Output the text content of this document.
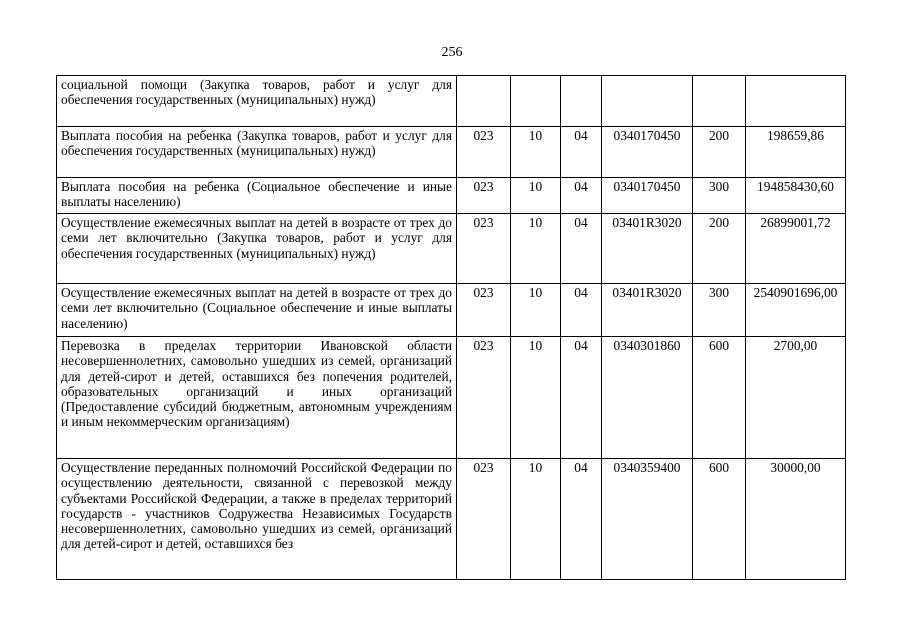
256
социальной помощи (Закупка товаров, работ и услуг для обеспечения государственных (муниципальных) нужд)						
Выплата пособия на ребенка (Закупка товаров, работ и услуг для обеспечения государственных (муниципальных) нужд)	023	10	04	0340170450	200	198659,86
Выплата пособия на ребенка (Социальное обеспечение и иные выплаты населению)	023	10	04	0340170450	300	194858430,60
Осуществление ежемесячных выплат на детей в возрасте от трех до семи лет включительно (Закупка товаров, работ и услуг для обеспечения государственных (муниципальных) нужд)	023	10	04	03401R3020	200	26899001,72
Осуществление ежемесячных выплат на детей в возрасте от трех до семи лет включительно (Социальное обеспечение и иные выплаты населению)	023	10	04	03401R3020	300	2540901696,00
Перевозка в пределах территории Ивановской области несовершеннолетних, самовольно ушедших из семей, организаций для детей-сирот и детей, оставшихся без попечения родителей, образовательных организаций и иных организаций (Предоставление субсидий бюджетным, автономным учреждениям и иным некоммерческим организациям)	023	10	04	0340301860	600	2700,00
Осуществление переданных полномочий Российской Федерации по осуществлению деятельности, связанной с перевозкой между субъектами Российской Федерации, а также в пределах территорий государств - участников Содружества Независимых Государств несовершеннолетних, самовольно ушедших из семей, организаций для детей-сирот и детей, оставшихся без	023	10	04	0340359400	600	30000,00
